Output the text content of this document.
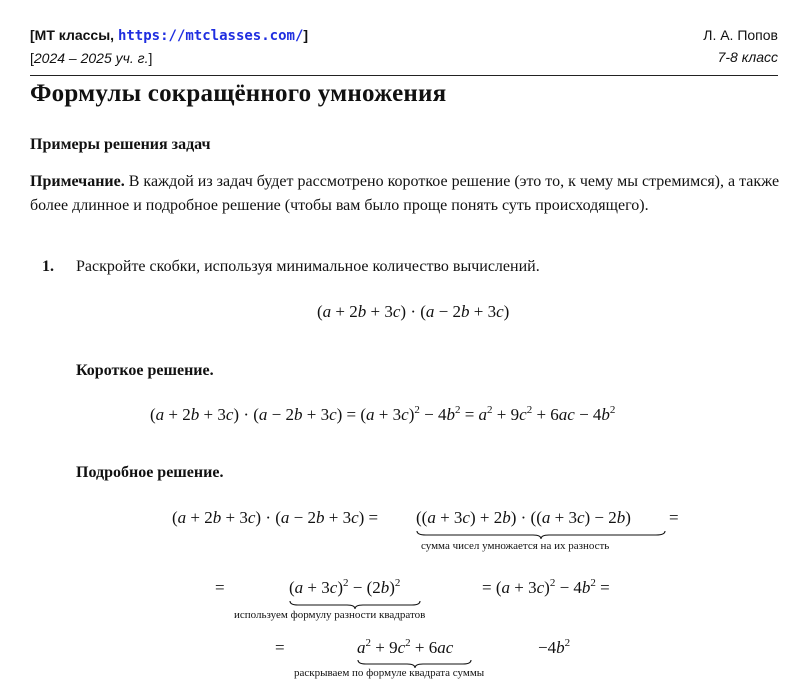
[МТ классы, https://mtclasses.com/]
[2024 – 2025 уч. г.]
Л. А. Попов
7-8 класс
Формулы сокращённого умножения
Примеры решения задач
Примечание. В каждой из задач будет рассмотрено короткое решение (это то, к чему мы стремимся), а также более длинное и подробное решение (чтобы вам было проще понять суть происходящего).
1. Раскройте скобки, используя минимальное количество вычислений.
(a + 2b + 3c) · (a − 2b + 3c)
Короткое решение.
$(a + 2b + 3c) \cdot (a - 2b + 3c) = (a + 3c)^2 - 4b^2 = a^2 + 9c^2 + 6ac - 4b^2$
Подробное решение.
(a + 2b + 3c) · (a − 2b + 3c) = ((a + 3c) + 2b) · ((a + 3c) − 2b) =
сумма чисел умножается на их разность
=	$(a + 3c)^2 - (2b)^2$
используем формулу разности квадратов
= $(a + 3c)^2 - 4b^2$ =
=	$a^2 + 9c^2 + 6ac$
раскрываем по формуле квадрата суммы
$-4b^2$
